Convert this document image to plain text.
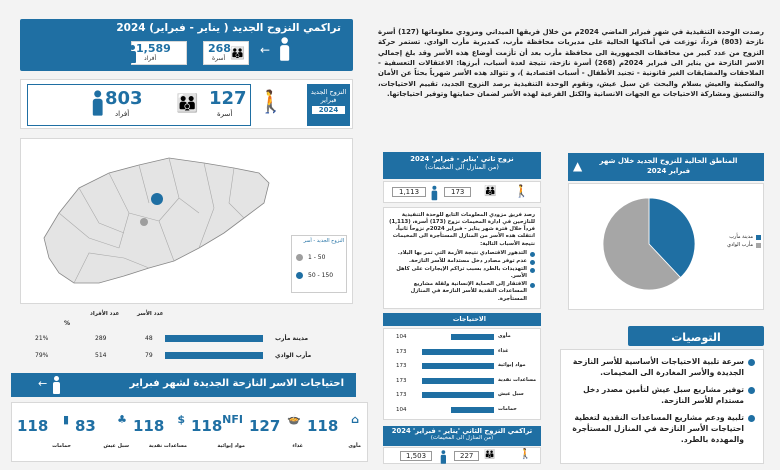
تراكمي النزوح الجديد ( يناير - فبراير) 2024
←
268
أسرة 👪
1,589
أفراد
803
أفراد	👪 127
أسرة 🚶	النزوح الجديد
فبراير
2024
رصدت الوحدة التنفيذية في شهر فبراير الماضي 2024م من خلال فريقها الميداني ومزودي معلوماتها (127) أسرة نازحة (803) فرداً، توزعت في أماكنها الحالية على مديريات محافظة مأرب، كمديرية مأرب الوادي. تستمر حركة النزوح من عدد كبير من محافظات الجمهورية الى محافظة مأرب بعد أن تأزمت أوضاع هذه الأسر وقد بلغ إجمالي الاسر النازحة من يناير الى فبراير 2024م (268) أسرة نازحة، نتيجة لعدة أسباب، أبرزها: الاعتقالات التعسفية - الملاحقات والمضايقات الغير قانونية - تجنيد الأطفال - أسباب اقتصادية )، و تتوالد هذه الأسر شهرياً بحثاً عن الأمان والسكينة والعيش بسلام والبحث عن سبل عيش، وتقوم الوحدة التنفيذية برصد النزوح الجديد، تقييم الاحتياجات، والتنسيق ومشاركة الاحتياجات مع الجهات الانسانية والكتل الفرعية لهذه الأسر لضمان حمايتها وتوفير احتياجاتها.
النزوح الجديد - أسر
1 - 50
50 - 150
عدد الأسر
عدد الأفراد
%
21%	289	48	مدينة مأرب
79%	514	79	مأرب الوادي
احتياجات الاسر النازحة الجديدة لشهر فبراير
←
⌂
118
مأوى
🍲
127
غذاء
NFI
118
مواد إيوائية
$
118
مساعدات نقدية
♣
83
سبل عيش
▮
118
حمامات
▲	المناطق الحالية للنزوح الجديد خلال شهر فبراير 2024
مدينة مأرب
مأرب الوادي
نزوح ثاني 'يناير - فبراير' 2024
(من المنازل الى المخيمات)
👪
173
1,113	🚶
رصد فريق مزودي المعلومات التابع للوحدة التنفيذية للنازحين في ادارة المخيمات نزوح (173) أسرة، (1,113) فرداً خلال فترة شهر يناير - فبراير 2024م نزوحاً ثانياً، انتقلت هذه الأسر من المنازل المستأجرة الى المخيمات نتيجة الأسباب التالية:
التدهور الاقتصادي نتيجة الأزمة التي تمر بها البلاد.
عدم توفر مصادر دخل مستدامة للأسر النازحة.
التهديدات بالطرد بسبب تراكم الإيجارات على كاهل الأسر.
الافتقار إلى الحماية الإنسانية ولقلة مشاريع المساعدات النقدية للأسر النازحة في المنازل المستأجرة.
الاحتياجات
104	مأوى
173	غذاء
173	مواد إيوائية
173	مساعدات نقدية
173	سبل عيش
104	حمامات
تراكمي النزوح الثاني 'يناير - فبراير' 2024
(من المنازل الى المخيمات)
👪
227
1,503	🚶
التوصيات
سرعة تلبية الاحتياجات الأساسية للأسر النازحة الجديدة والأسر المغادرة الى المخيمات.
توفير مشاريع سبل عيش لتأمين مصدر دخل مستدام للأسر النازحة.
تلبية ودعم مشاريع المساعدات النقدية لتغطية احتياجات الأسر النازحة في المنازل المستأجرة والمهددة بالطرد.
